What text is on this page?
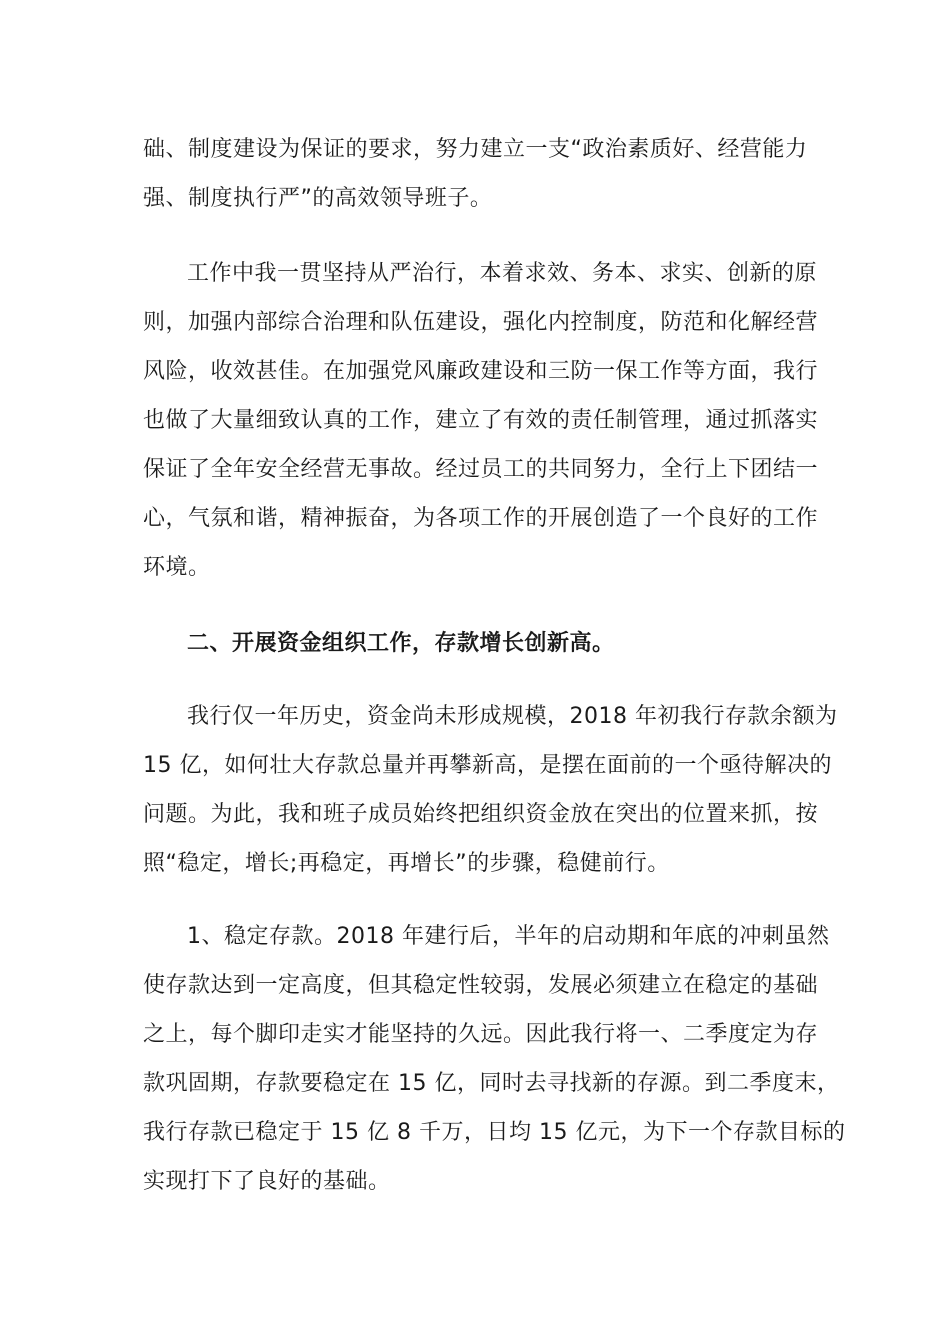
础、制度建设为保证的要求，努力建立一支“政治素质好、经营能力
强、制度执行严”的高效领导班子。

工作中我一贯坚持从严治行，本着求效、务本、求实、创新的原
则，加强内部综合治理和队伍建设，强化内控制度，防范和化解经营
风险，收效甚佳。在加强党风廉政建设和三防一保工作等方面，我行
也做了大量细致认真的工作，建立了有效的责任制管理，通过抓落实
保证了全年安全经营无事故。经过员工的共同努力，全行上下团结一
心，气氛和谐，精神振奋，为各项工作的开展创造了一个良好的工作
环境。

二、开展资金组织工作，存款增长创新高。

我行仅一年历史，资金尚未形成规模，2018 年初我行存款余额为
15 亿，如何壮大存款总量并再攀新高，是摆在面前的一个亟待解决的
问题。为此，我和班子成员始终把组织资金放在突出的位置来抓，按
照“稳定，增长;再稳定，再增长”的步骤，稳健前行。

1、稳定存款。2018 年建行后，半年的启动期和年底的冲刺虽然
使存款达到一定高度，但其稳定性较弱，发展必须建立在稳定的基础
之上，每个脚印走实才能坚持的久远。因此我行将一、二季度定为存
款巩固期，存款要稳定在 15 亿，同时去寻找新的存源。到二季度末，
我行存款已稳定于 15 亿 8 千万，日均 15 亿元，为下一个存款目标的
实现打下了良好的基础。
